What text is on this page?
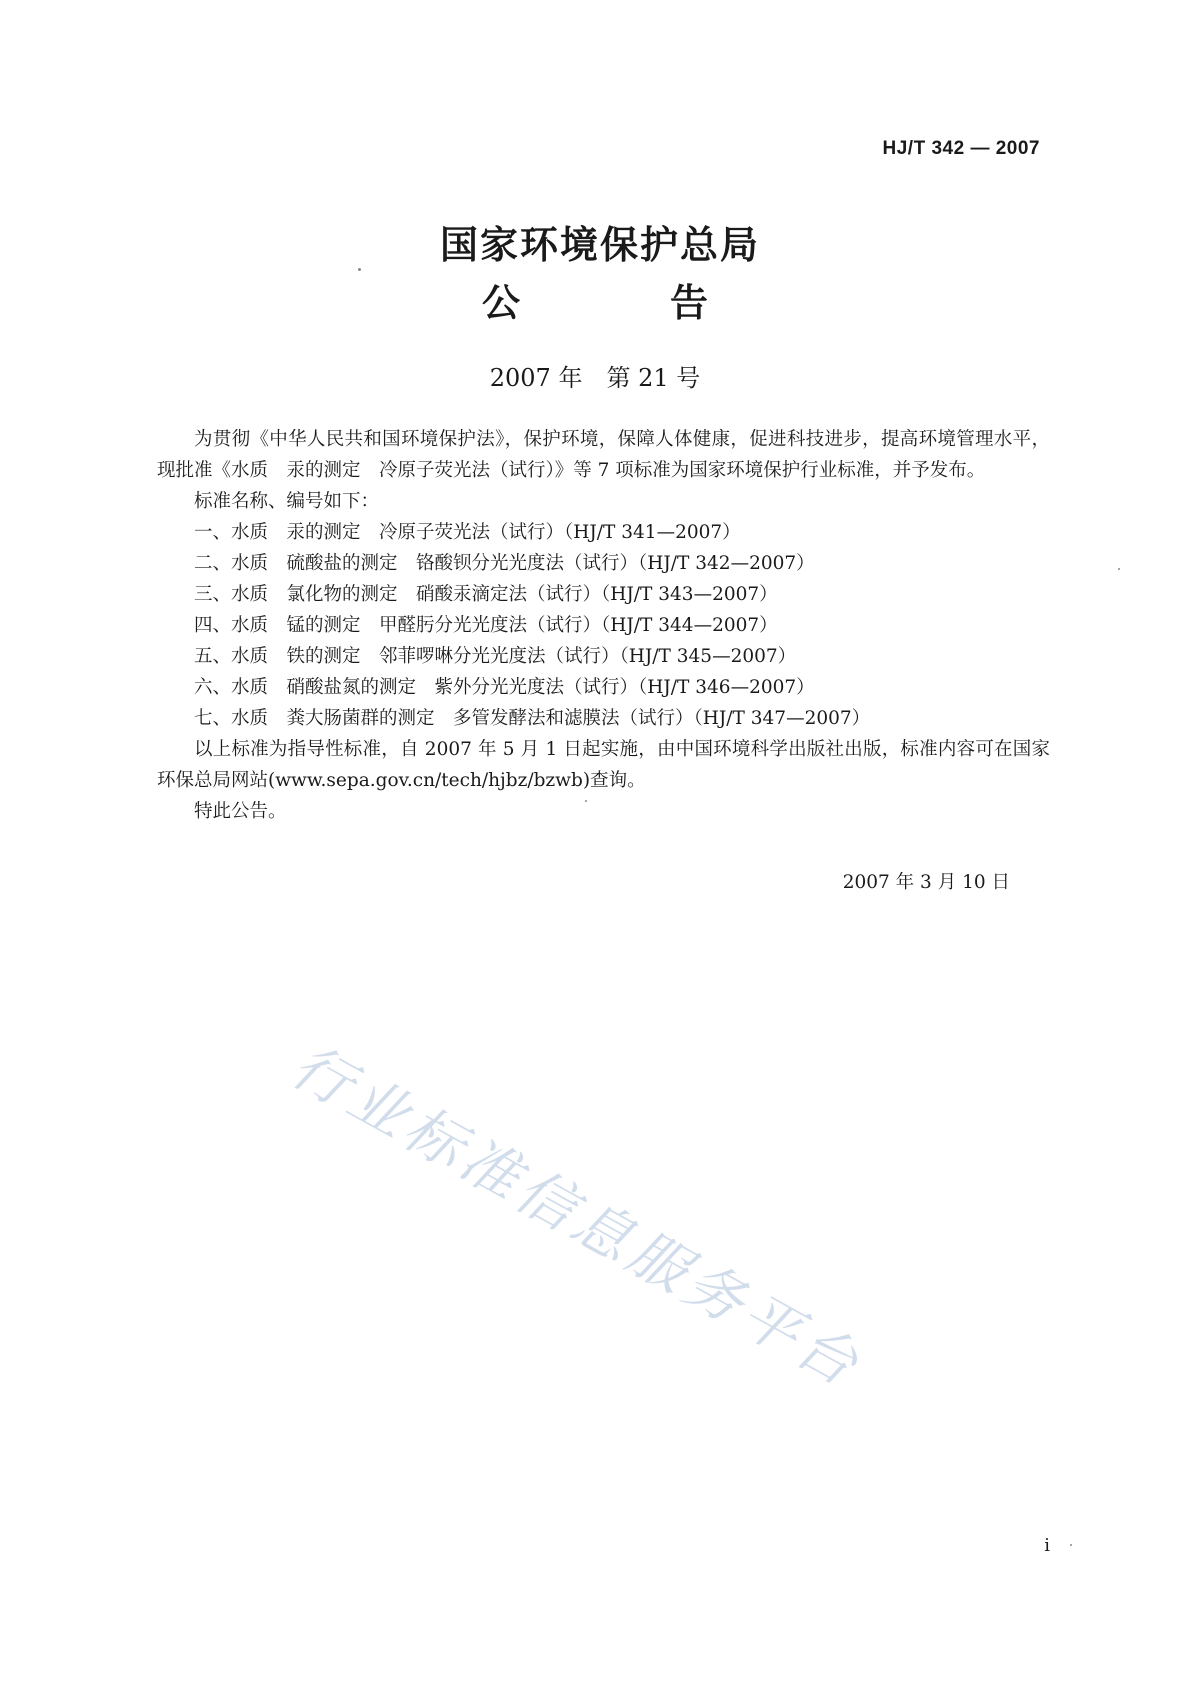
HJ/T 342 — 2007
国家环境保护总局
公告
2007 年　第 21 号

为贯彻《中华人民共和国环境保护法》，保护环境，保障人体健康，促进科技进步，提高环境管理水平，现批准《水质　汞的测定　冷原子荧光法（试行）》等 7 项标准为国家环境保护行业标准，并予发布。

标准名称、编号如下：

一、水质　汞的测定　冷原子荧光法（试行）（HJ/T 341—2007）

二、水质　硫酸盐的测定　铬酸钡分光光度法（试行）（HJ/T 342—2007）

三、水质　氯化物的测定　硝酸汞滴定法（试行）（HJ/T 343—2007）

四、水质　锰的测定　甲醛肟分光光度法（试行）（HJ/T 344—2007）

五、水质　铁的测定　邻菲啰啉分光光度法（试行）（HJ/T 345—2007）

六、水质　硝酸盐氮的测定　紫外分光光度法（试行）（HJ/T 346—2007）

七、水质　粪大肠菌群的测定　多管发酵法和滤膜法（试行）（HJ/T 347—2007）

以上标准为指导性标准，自 2007 年 5 月 1 日起实施，由中国环境科学出版社出版，标准内容可在国家环保总局网站(www.sepa.gov.cn/tech/hjbz/bzwb)查询。

特此公告。

2007 年 3 月 10 日
行业标准信息服务平台
i
